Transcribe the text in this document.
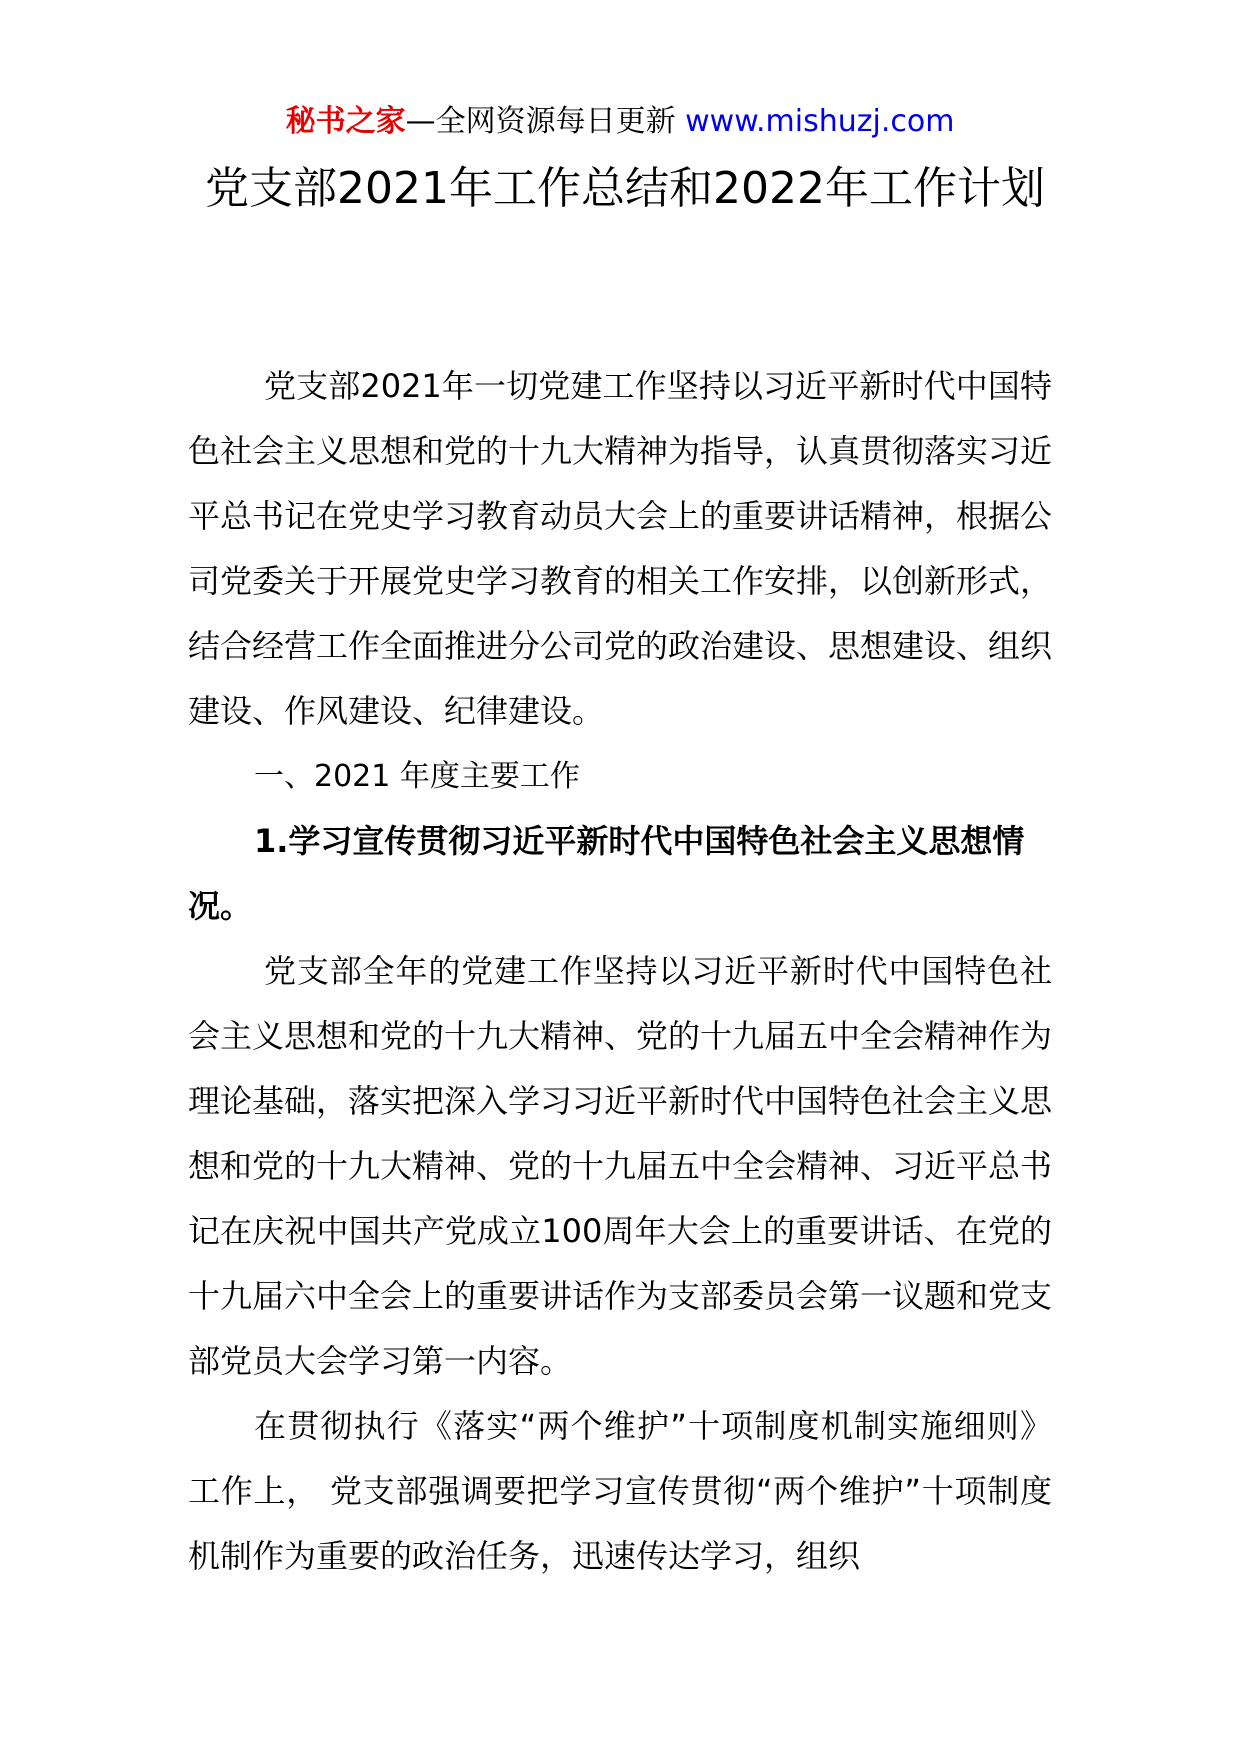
秘书之家—全网资源每日更新 www.mishuzj.com
党支部2021年工作总结和2022年工作计划

党支部2021年一切党建工作坚持以习近平新时代中国特色社会主义思想和党的十九大精神为指导，认真贯彻落实习近平总书记在党史学习教育动员大会上的重要讲话精神，根据公司党委关于开展党史学习教育的相关工作安排，以创新形式，结合经营工作全面推进分公司党的政治建设、思想建设、组织建设、作风建设、纪律建设。

一、2021 年度主要工作

1.学习宣传贯彻习近平新时代中国特色社会主义思想情况。

党支部全年的党建工作坚持以习近平新时代中国特色社会主义思想和党的十九大精神、党的十九届五中全会精神作为理论基础，落实把深入学习习近平新时代中国特色社会主义思想和党的十九大精神、党的十九届五中全会精神、习近平总书记在庆祝中国共产党成立100周年大会上的重要讲话、在党的十九届六中全会上的重要讲话作为支部委员会第一议题和党支部党员大会学习第一内容。

在贯彻执行《落实“两个维护”十项制度机制实施细则》工作上， 党支部强调要把学习宣传贯彻“两个维护”十项制度机制作为重要的政治任务，迅速传达学习，组织
